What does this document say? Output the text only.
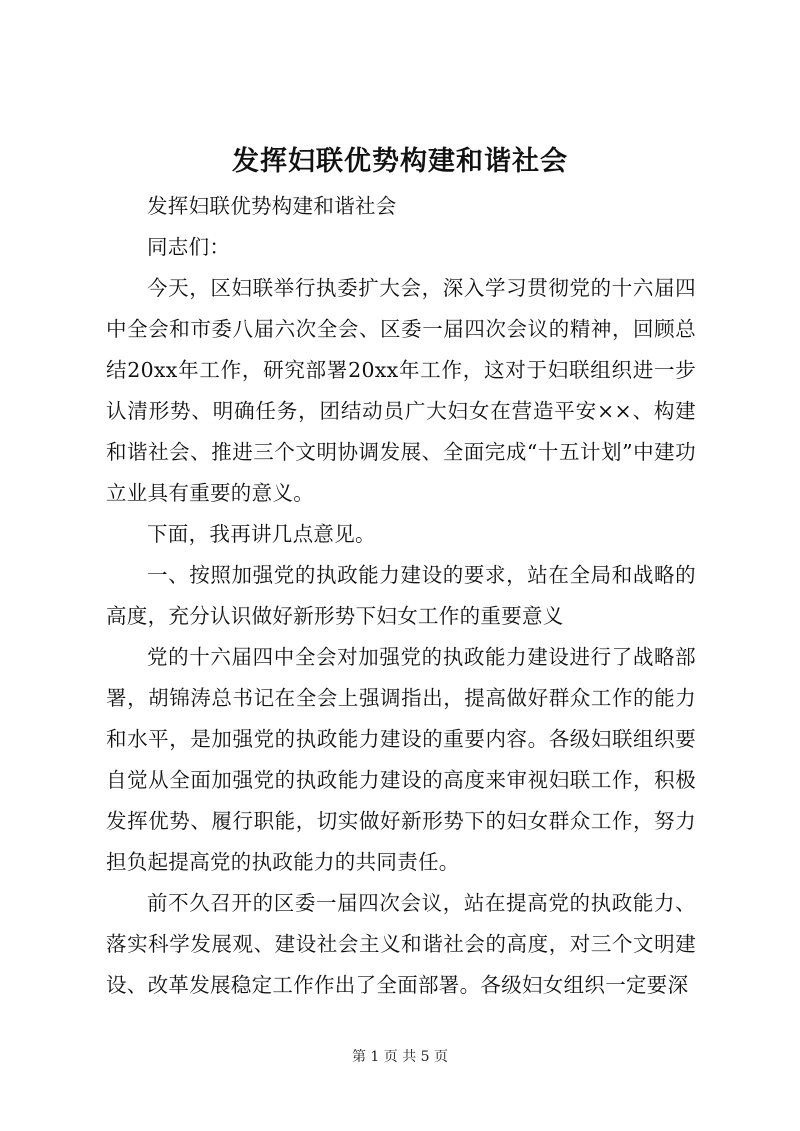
发挥妇联优势构建和谐社会

发挥妇联优势构建和谐社会

同志们：

今天，区妇联举行执委扩大会，深入学习贯彻党的十六届四中全会和市委八届六次全会、区委一届四次会议的精神，回顾总结20xx年工作，研究部署20xx年工作，这对于妇联组织进一步认清形势、明确任务，团结动员广大妇女在营造平安××、构建和谐社会、推进三个文明协调发展、全面完成“十五计划”中建功立业具有重要的意义。

下面，我再讲几点意见。

一、按照加强党的执政能力建设的要求，站在全局和战略的高度，充分认识做好新形势下妇女工作的重要意义

党的十六届四中全会对加强党的执政能力建设进行了战略部署，胡锦涛总书记在全会上强调指出，提高做好群众工作的能力和水平，是加强党的执政能力建设的重要内容。各级妇联组织要自觉从全面加强党的执政能力建设的高度来审视妇联工作，积极发挥优势、履行职能，切实做好新形势下的妇女群众工作，努力担负起提高党的执政能力的共同责任。

前不久召开的区委一届四次会议，站在提高党的执政能力、落实科学发展观、建设社会主义和谐社会的高度，对三个文明建设、改革发展稳定工作作出了全面部署。各级妇女组织一定要深

第 1 页 共 5 页
